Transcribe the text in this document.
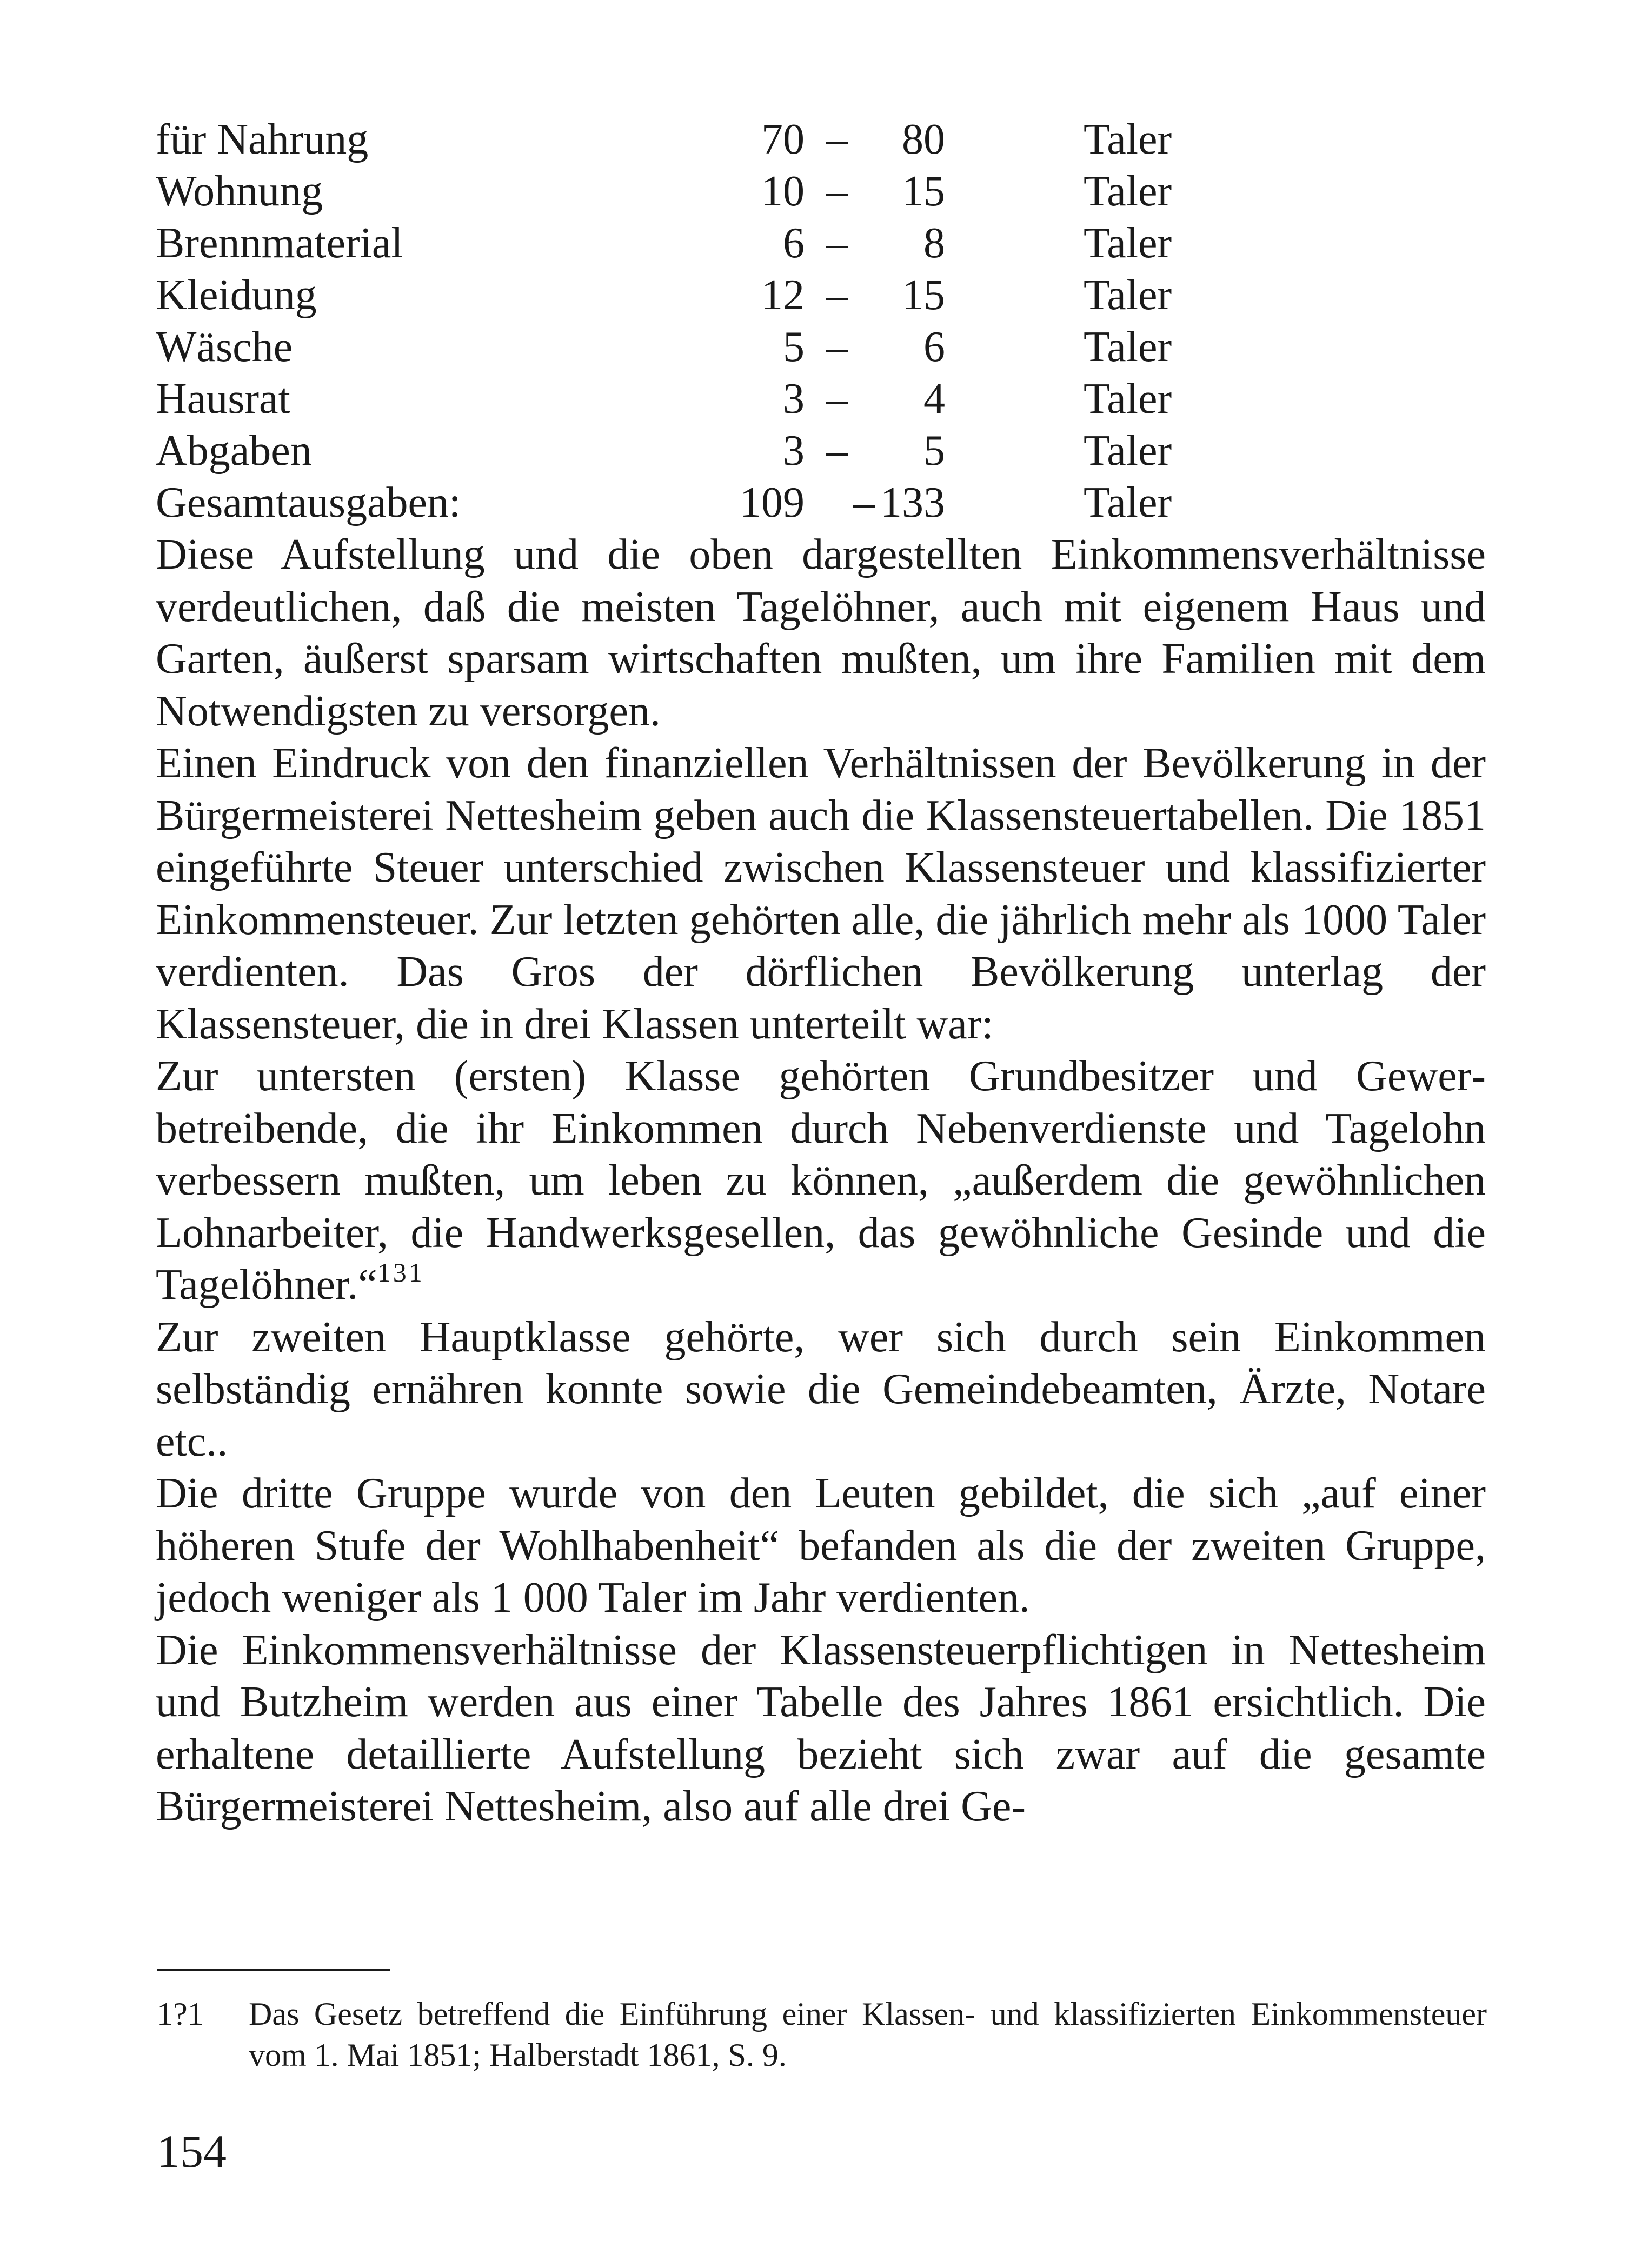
für Nahrung	70 – 80	Taler
Wohnung	10 – 15	Taler
Brennmaterial	6 – 8	Taler
Kleidung	12 – 15	Taler
Wäsche	5 – 6	Taler
Hausrat	3 – 4	Taler
Abgaben	3 – 5	Taler
Gesamtausgaben:	109 – 133	Taler

Diese Aufstellung und die oben dargestellten Einkommensverhältnisse verdeutlichen, daß die meisten Tagelöhner, auch mit eigenem Haus und Garten, äußerst sparsam wirtschaften mußten, um ihre Familien mit dem Notwendigsten zu versorgen.

Einen Eindruck von den finanziellen Verhältnissen der Bevölkerung in der Bürgermeisterei Nettesheim geben auch die Klassensteuertabellen. Die 1851 eingeführte Steuer unterschied zwischen Klassensteuer und klassifizierter Einkommensteuer. Zur letzten gehörten alle, die jährlich mehr als 1000 Taler verdienten. Das Gros der dörflichen Bevölkerung unterlag der Klassensteuer, die in drei Klassen unterteilt war:

Zur untersten (ersten) Klasse gehörten Grundbesitzer und Gewerbetreibende, die ihr Einkommen durch Nebenverdienste und Tagelohn verbessern mußten, um leben zu können, „außerdem die gewöhnlichen Lohnarbeiter, die Handwerksgesellen, das gewöhnliche Gesinde und die Tagelöhner.“$^{131}$

Zur zweiten Hauptklasse gehörte, wer sich durch sein Einkommen selbständig ernähren konnte sowie die Gemeindebeamten, Ärzte, Notare etc..

Die dritte Gruppe wurde von den Leuten gebildet, die sich „auf einer höheren Stufe der Wohlhabenheit“ befanden als die der zweiten Gruppe, jedoch weniger als 1 000 Taler im Jahr verdienten.

Die Einkommensverhältnisse der Klassensteuerpflichtigen in Nettesheim und Butzheim werden aus einer Tabelle des Jahres 1861 ersichtlich. Die erhaltene detaillierte Aufstellung bezieht sich zwar auf die gesamte Bürgermeisterei Nettesheim, also auf alle drei Ge-

1?1 Das Gesetz betreffend die Einführung einer Klassen- und klassifizierten Einkommensteuer vom 1. Mai 1851; Halberstadt 1861, S. 9.
154
